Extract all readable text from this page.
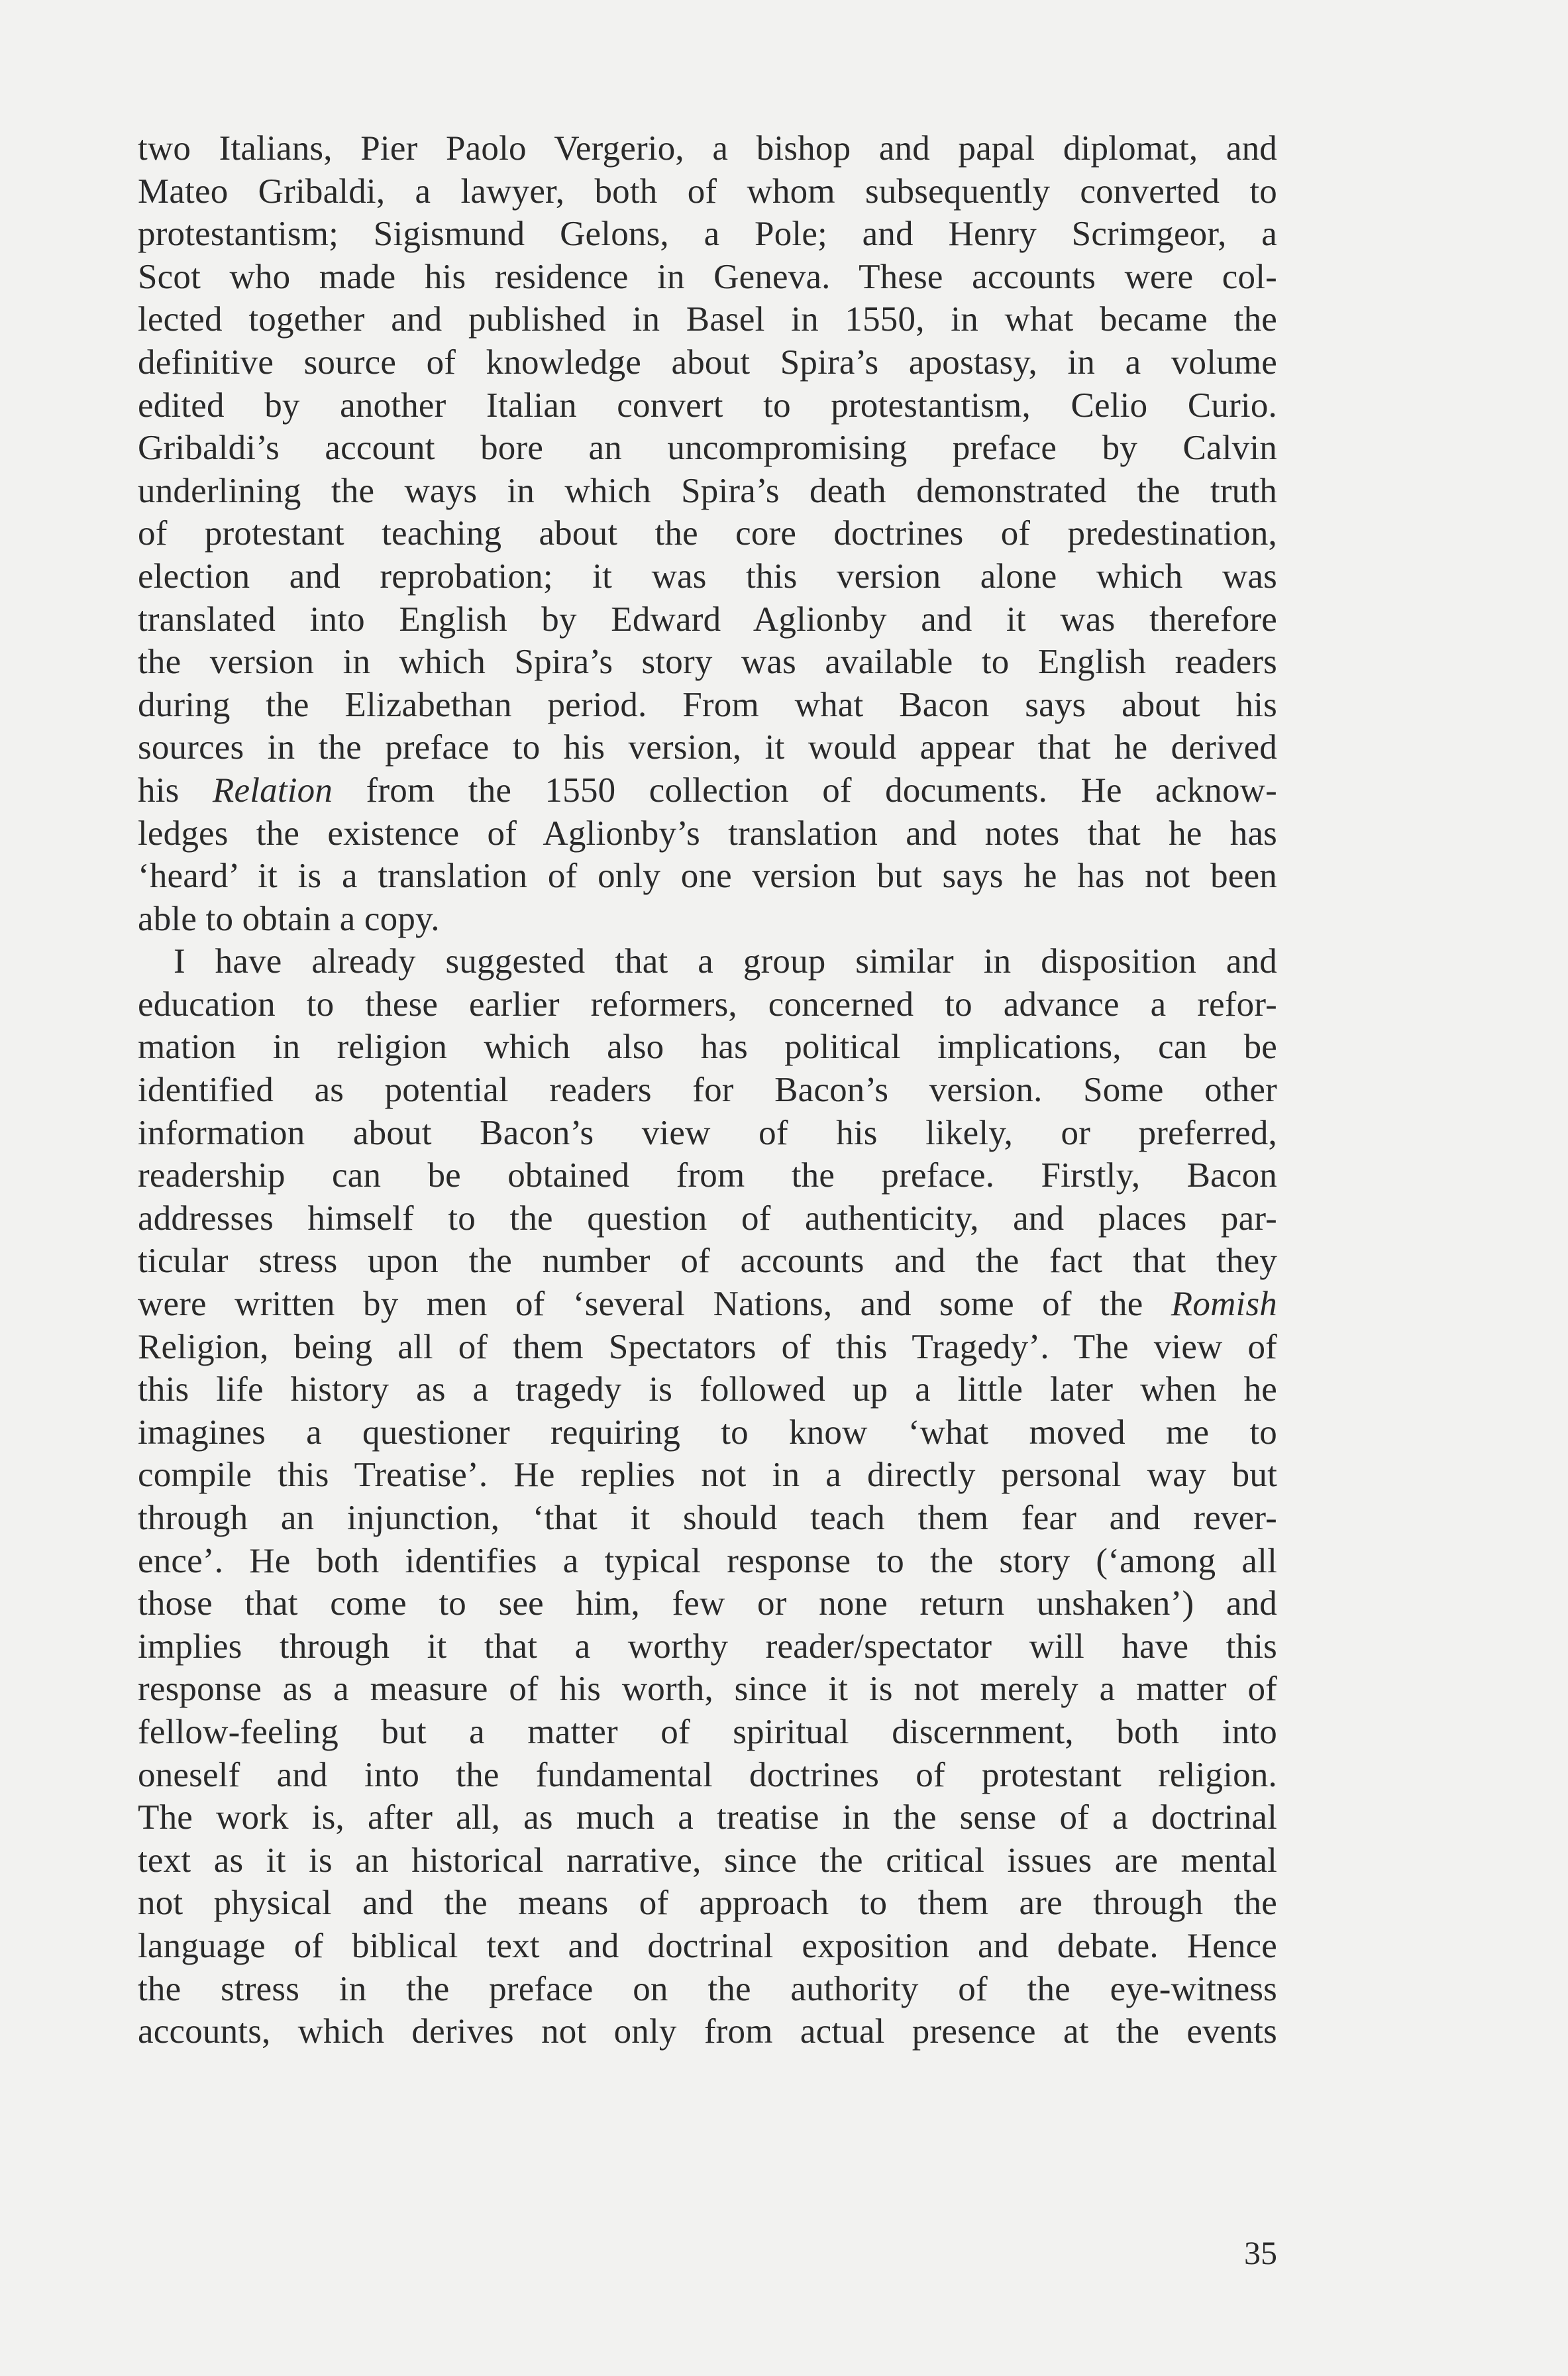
two Italians, Pier Paolo Vergerio, a bishop and papal diplomat, and
Mateo Gribaldi, a lawyer, both of whom subsequently converted to
protestantism; Sigismund Gelons, a Pole; and Henry Scrimgeor, a
Scot who made his residence in Geneva. These accounts were col-
lected together and published in Basel in 1550, in what became the
definitive source of knowledge about Spira’s apostasy, in a volume
edited by another Italian convert to protestantism, Celio Curio.
Gribaldi’s account bore an uncompromising preface by Calvin
underlining the ways in which Spira’s death demonstrated the truth
of protestant teaching about the core doctrines of predestination,
election and reprobation; it was this version alone which was
translated into English by Edward Aglionby and it was therefore
the version in which Spira’s story was available to English readers
during the Elizabethan period. From what Bacon says about his
sources in the preface to his version, it would appear that he derived
his Relation from the 1550 collection of documents. He acknow-
ledges the existence of Aglionby’s translation and notes that he has
‘heard’ it is a translation of only one version but says he has not been
able to obtain a copy.
I have already suggested that a group similar in disposition and
education to these earlier reformers, concerned to advance a refor-
mation in religion which also has political implications, can be
identified as potential readers for Bacon’s version. Some other
information about Bacon’s view of his likely, or preferred,
readership can be obtained from the preface. Firstly, Bacon
addresses himself to the question of authenticity, and places par-
ticular stress upon the number of accounts and the fact that they
were written by men of ‘several Nations, and some of the Romish
Religion, being all of them Spectators of this Tragedy’. The view of
this life history as a tragedy is followed up a little later when he
imagines a questioner requiring to know ‘what moved me to
compile this Treatise’. He replies not in a directly personal way but
through an injunction, ‘that it should teach them fear and rever-
ence’. He both identifies a typical response to the story (‘among all
those that come to see him, few or none return unshaken’) and
implies through it that a worthy reader/spectator will have this
response as a measure of his worth, since it is not merely a matter of
fellow-feeling but a matter of spiritual discernment, both into
oneself and into the fundamental doctrines of protestant religion.
The work is, after all, as much a treatise in the sense of a doctrinal
text as it is an historical narrative, since the critical issues are mental
not physical and the means of approach to them are through the
language of biblical text and doctrinal exposition and debate. Hence
the stress in the preface on the authority of the eye-witness
accounts, which derives not only from actual presence at the events
35
